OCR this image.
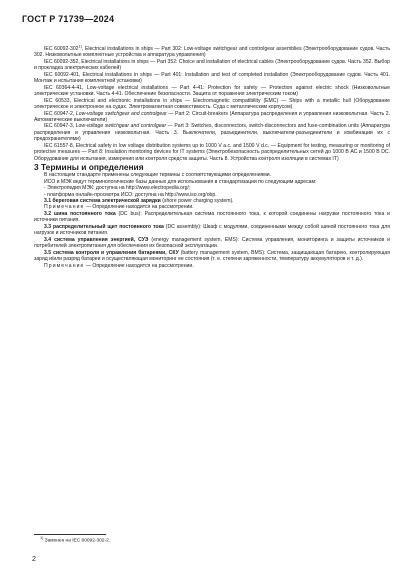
ГОСТ Р 71739—2024

IEC 60092-302$^{1)}$, Electrical installations in ships — Part 302: Low-voltage switchgear and controlgear assemblies (Электрооборудование судов. Часть 302. Низковольтные комплектные устройства и аппаратура управления)

IEC 60092-352, Electrical installations in ships — Part 352: Choice and installation of electrical cables (Электрооборудование судов. Часть 352. Выбор и прокладка электрических кабелей)

IEC 60092-401, Electrical installations in ships — Part 401: Installation and test of completed installation (Электрооборудование судов. Часть 401. Монтаж и испытания комплектной установки)

IEC 60364-4-41, Low-voltage electrical installations — Part 4-41: Protection for safety — Protection against electric shock (Низковольтные электрические установки. Часть 4-41. Обеспечение безопасности. Защита от поражения электрическим током)

IEC 60533, Electrical and electronic installations in ships — Electromagnetic compatibility (EMC) — Ships with a metallic hull (Оборудование электрическое и электронное на судах. Электромагнитная совместимость. Суда с металлическим корпусом)

IEC 60947-2, Low-voltage switchgear and controlgear — Part 2: Circuit-breakers (Аппаратура распределения и управления низковольтная. Часть 2. Автоматические выключатели)

IEC 60947-3, Low-voltage switchgear and controlgear — Part 3: Switches, disconnectors, switch-disconnectors and fuse-combination units (Аппаратура распределения и управления низковольтная. Часть 3. Выключатели, разъединители, выключатели-разъединители и комбинации их с предохранителями)

IEC 61557-8, Electrical safety in low voltage distribution systems up to 1000 V a.c. and 1500 V d.c. — Equipment for testing, measuring or monitoring of protective measures — Part 8: Insulation monitoring devices for IT systems (Электробезопасность распределительных сетей до 1000 В АС и 1500 В DC. Оборудование для испытания, измерения или контроля средств защиты. Часть 8. Устройства контроля изоляции в системах IT)

3 Термины и определения

В настоящем стандарте применены следующие термины с соответствующими определениями.

ИСО и МЭК ведут терминологические базы данных для использования в стандартизации по следующим адресам:

- Электропедия МЭК: доступна на http://www.electropedia.org/;

- платформа онлайн-просмотра ИСО: доступна на http://www.iso.org/obp.

3.1 береговая система электрической зарядки (shore power charging system).

Примечание — Определение находится на рассмотрении.

3.2 шина постоянного тока (DC bus): Распределительная система постоянного тока, к которой соединены нагрузки постоянного тока и источники питания.

3.3 распределительный щит постоянного тока (DC assembly): Шкаф с модулями, соединенными между собой шиной постоянного тока для нагрузок и источников питания.

3.4 система управления энергией, СУЭ (energy management system, EMS): Система управления, мониторинга и защиты источников и потребителей электропитания для обеспечения их безопасной эксплуатации.

3.5 система контроля и управления батареями, СКУ (battery management system, BMS): Система, защищающая батарею, контролирующая заряд и/или разряд батареи и осуществляющая мониторинг ее состояния (т. е. степени заряженности, температуру аккумуляторов и т. д.).

Примечание — Определение находится на рассмотрении.

$^{1)}$ Заменен на IEC 60092-302-2.
2
